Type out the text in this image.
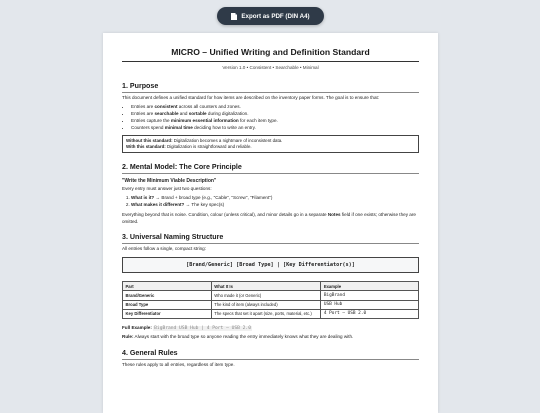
Export as PDF (DIN A4)
MICRO – Unified Writing and Definition Standard
Version 1.0 • Consistent • Searchable • Minimal
1. Purpose

This document defines a unified standard for how items are described on the inventory paper forms. The goal is to ensure that:

• Entries are consistent across all counters and zones.
• Entries are searchable and sortable during digitalization.
• Entries capture the minimum essential information for each item type.
• Counters spend minimal time deciding how to write an entry.
Without this standard: Digitalization becomes a nightmare of inconsistent data.
With this standard: Digitalization is straightforward and reliable.
2. Mental Model: The Core Principle
"Write the Minimum Viable Description"

Every entry must answer just two questions:

1. What is it? → Brand + broad type (e.g., "Cable", "Screw", "Filament")
2. What makes it different? → The key spec(s)

Everything beyond that is noise. Condition, colour (unless critical), and minor details go in a separate Notes field if one exists; otherwise they are omitted.

3. Universal Naming Structure

All entries follow a single, compact string:

[Brand/Generic] [Broad Type] | [Key Differentiator(s)]
Part	What It Is	Example
Brand/Generic	Who made it (or Generic)	BigBrand
Broad Type	The kind of item (always included)	USB Hub
Key Differentiator	The specs that set it apart (size, ports, material, etc.)	4 Port – USB 2.0

Full Example: BigBrand USB Hub | 4 Port – USB 2.0

Rule: Always start with the broad type so anyone reading the entry immediately knows what they are dealing with.

4. General Rules

These rules apply to all entries, regardless of item type.
